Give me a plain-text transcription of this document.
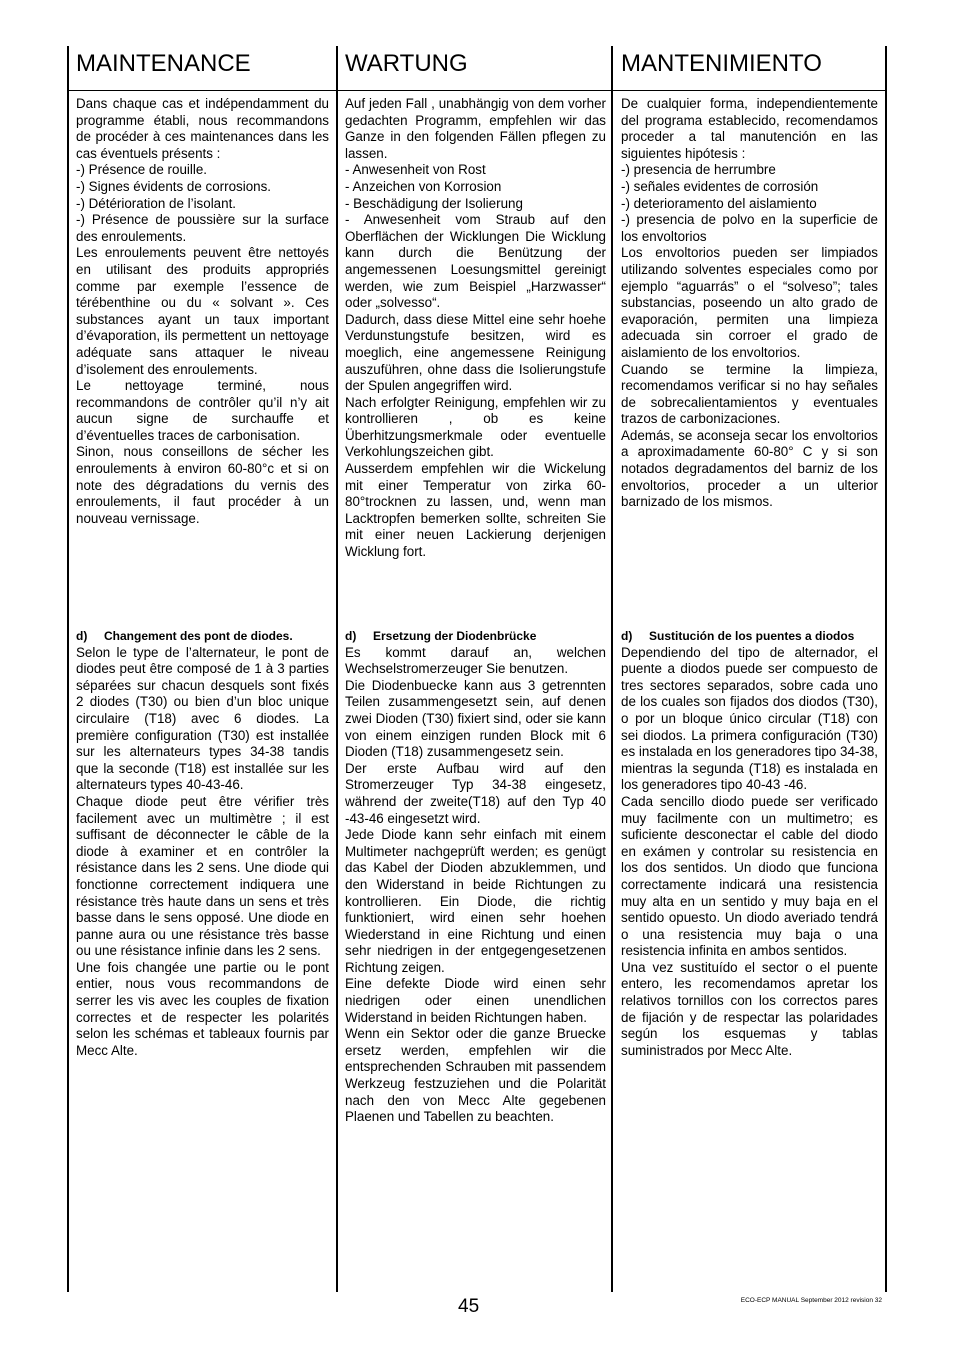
MAINTENANCE	WARTUNG	MANTENIMIENTO

Dans chaque cas et indépendamment du programme établi, nous recommandons de procéder à ces maintenances dans les cas éventuels présents :

-) Présence de rouille.

-) Signes évidents de corrosions.

-) Détérioration de l’isolant.

-) Présence de poussière sur la surface des enroulements.

Les enroulements peuvent être nettoyés en utilisant des produits appropriés comme par exemple l’essence de térébenthine ou du « solvant ». Ces substances ayant un taux important d’évaporation, ils permettent un nettoyage adéquate sans attaquer le niveau d’isolement des enroulements.

Le nettoyage terminé, nous recommandons de contrôler qu’il n’y ait aucun signe de surchauffe et d’éventuelles traces de carbonisation.

Sinon, nous conseillons de sécher les enroulements à environ 60-80°c et si on note des dégradations du vernis des enroulements, il faut procéder à un nouveau vernissage.

Auf jeden Fall , unabhängig von dem vorher gedachten Programm, empfehlen wir das Ganze in den folgenden Fällen pflegen zu lassen.

- Anwesenheit von Rost

- Anzeichen von Korrosion

- Beschädigung der Isolierung

- Anwesenheit vom Straub auf den Oberflächen der Wicklungen Die Wicklung kann durch die Benützung der angemessenen Loesungsmittel gereinigt werden, wie zum Beispiel „Harzwasser“ oder „solvesso“.

Dadurch, dass diese Mittel eine sehr hoehe Verdunstungstufe besitzen, wird es moeglich, eine angemessene Reinigung auszuführen, ohne dass die Isolierungstufe der Spulen angegriffen wird.

Nach erfolgter Reinigung, empfehlen wir zu kontrollieren , ob es keine Überhitzungsmerkmale oder eventuelle Verkohlungszeichen gibt.

Ausserdem empfehlen wir die Wickelung mit einer Temperatur von zirka 60-80°trocknen zu lassen, und, wenn man Lacktropfen bemerken sollte, schreiten Sie mit einer neuen Lackierung derjenigen Wicklung fort.

De cualquier forma, independientemente del programa establecido, recomendamos proceder a tal manutención en las siguientes hipótesis :

-) presencia de herrumbre

-) señales evidentes de corrosión

-) deterioramento del aislamiento

-) presencia de polvo en la superficie de los envoltorios

Los envoltorios pueden ser limpiados utilizando solventes especiales como por ejemplo “aguarrás” o el “solveso”; tales substancias, poseendo un alto grado de evaporación, permiten una limpieza adecuada sin corroer el grado de aislamiento de los envoltorios.

Cuando se termine la limpieza, recomendamos verificar si no hay señales de sobrecalientamientos y eventuales trazos de carbonizaciones.

Además, se aconseja secar los envoltorios a aproximadamente 60-80° C y si son notados degradamentos del barniz de los envoltorios, proceder a un ulterior barnizado de los mismos.

d) Changement des pont de diodes.

Selon le type de l’alternateur, le pont de diodes peut être composé de 1 à 3 parties séparées sur chacun desquels sont fixés 2 diodes (T30) ou bien d’un bloc unique circulaire (T18) avec 6 diodes. La première configuration (T30) est installée sur les alternateurs types 34-38 tandis que la seconde (T18) est installée sur les alternateurs types 40-43-46.

Chaque diode peut être vérifier très facilement avec un multimètre ; il est suffisant de déconnecter le câble de la diode à examiner et en contrôler la résistance dans les 2 sens. Une diode qui fonctionne correctement indiquera une résistance très haute dans un sens et très basse dans le sens opposé. Une diode en panne aura ou une résistance très basse ou une résistance infinie dans les 2 sens.

Une fois changée une partie ou le pont entier, nous vous recommandons de serrer les vis avec les couples de fixation correctes et de respecter les polarités selon les schémas et tableaux fournis par Mecc Alte.

d) Ersetzung der Diodenbrücke

Es kommt darauf an, welchen Wechselstromerzeuger Sie benutzen.

Die Diodenbuecke kann aus 3 getrennten Teilen zusammengesetzt sein, auf denen zwei Dioden (T30) fixiert sind, oder sie kann von einem einzigen runden Block mit 6 Dioden (T18) zusammengesetz sein.

Der erste Aufbau wird auf den Stromerzeuger Typ 34-38 eingesetz, während der zweite(T18) auf den Typ 40 -43-46 eingesetzt wird.

Jede Diode kann sehr einfach mit einem Multimeter nachgeprüft werden; es genügt das Kabel der Dioden abzuklemmen, und den Widerstand in beide Richtungen zu kontrollieren. Ein Diode, die richtig funktioniert, wird einen sehr hoehen Wiederstand in eine Richtung und einen sehr niedrigen in der entgegengesetzenen Richtung zeigen.

Eine defekte Diode wird einen sehr niedrigen oder einen unendlichen Widerstand in beiden Richtungen haben.

Wenn ein Sektor oder die ganze Bruecke ersetz werden, empfehlen wir die entsprechenden Schrauben mit passendem Werkzeug festzuziehen und die Polarität nach den von Mecc Alte gegebenen Plaenen und Tabellen zu beachten.

d) Sustitución de los puentes a diodos

Dependiendo del tipo de alternador, el puente a diodos puede ser compuesto de tres sectores separados, sobre cada uno de los cuales son fijados dos diodos (T30), o por un bloque único circular (T18) con sei diodos. La primera configuración (T30) es instalada en los generadores tipo 34-38, mientras la segunda (T18) es instalada en los generadores tipo 40-43 -46.

Cada sencillo diodo puede ser verificado muy facilmente con un multimetro; es suficiente desconectar el cable del diodo en exámen y controlar su resistencia en los dos sentidos. Un diodo que funciona correctamente indicará una resistencia muy alta en un sentido y muy baja en el sentido opuesto. Un diodo averiado tendrá o una resistencia muy baja o una resistencia infinita en ambos sentidos.

Una vez sustituído el sector o el puente entero, les recomendamos apretar los relativos tornillos con los correctos pares de fijación y de respectar las polaridades según los esquemas y tablas suministrados por Mecc Alte.

45	ECO-ECP MANUAL September 2012 revision 32
